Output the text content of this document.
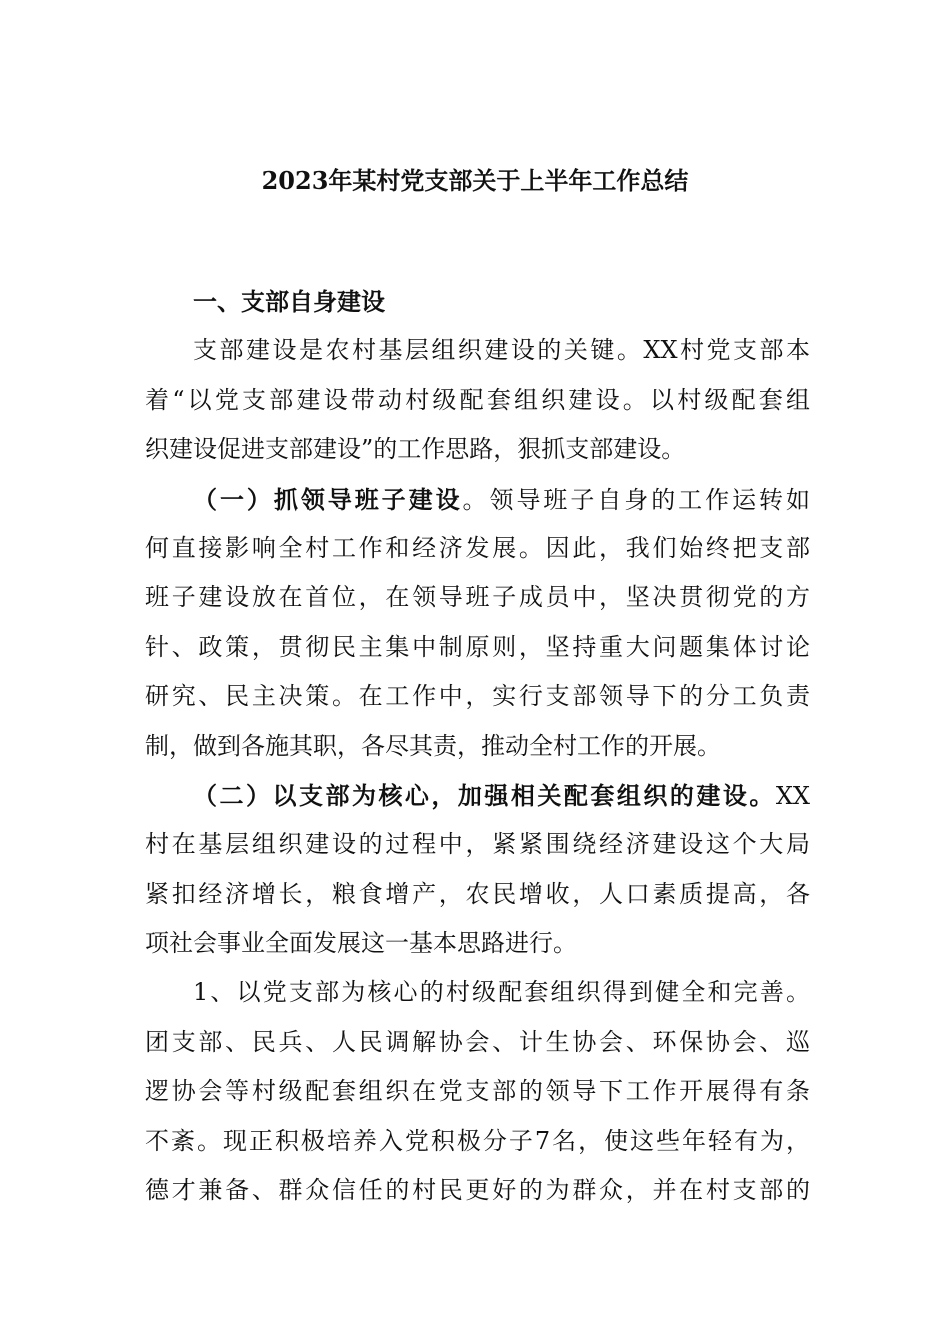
2023年某村党支部关于上半年工作总结

一、支部自身建设

支部建设是农村基层组织建设的关键。XX村党支部本

着“以党支部建设带动村级配套组织建设。以村级配套组

织建设促进支部建设”的工作思路，狠抓支部建设。

（一）抓领导班子建设。领导班子自身的工作运转如

何直接影响全村工作和经济发展。因此，我们始终把支部

班子建设放在首位，在领导班子成员中，坚决贯彻党的方

针、政策，贯彻民主集中制原则，坚持重大问题集体讨论

研究、民主决策。在工作中，实行支部领导下的分工负责

制，做到各施其职，各尽其责，推动全村工作的开展。

（二）以支部为核心，加强相关配套组织的建设。XX

村在基层组织建设的过程中，紧紧围绕经济建设这个大局

紧扣经济增长，粮食增产，农民增收，人口素质提高，各

项社会事业全面发展这一基本思路进行。

1、以党支部为核心的村级配套组织得到健全和完善。

团支部、民兵、人民调解协会、计生协会、环保协会、巡

逻协会等村级配套组织在党支部的领导下工作开展得有条

不紊。现正积极培养入党积极分子7名，使这些年轻有为，

德才兼备、群众信任的村民更好的为群众，并在村支部的
